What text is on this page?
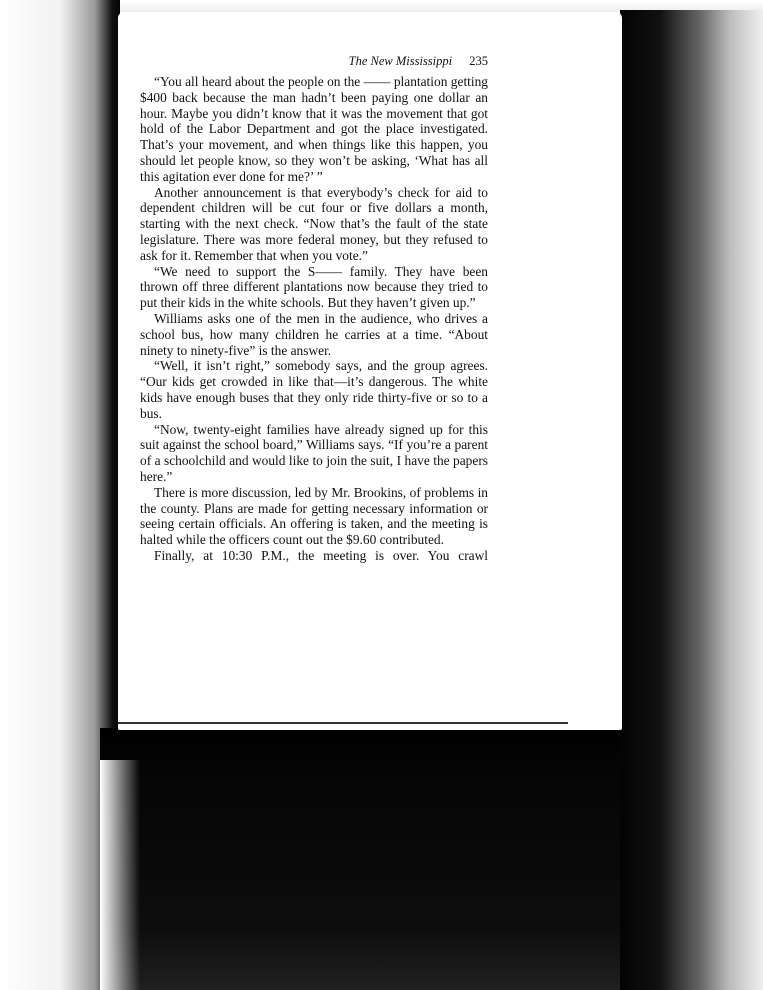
The New Mississippi 235

“You all heard about the people on the —— plantation getting $400 back because the man hadn’t been paying one dollar an hour. Maybe you didn’t know that it was the movement that got hold of the Labor Department and got the place investigated. That’s your movement, and when things like this happen, you should let people know, so they won’t be asking, ‘What has all this agitation ever done for me?’ ”

Another announcement is that everybody’s check for aid to dependent children will be cut four or five dollars a month, starting with the next check. “Now that’s the fault of the state legislature. There was more federal money, but they refused to ask for it. Remember that when you vote.”

“We need to support the S—— family. They have been thrown off three different plantations now because they tried to put their kids in the white schools. But they haven’t given up.”

Williams asks one of the men in the audience, who drives a school bus, how many children he carries at a time. “About ninety to ninety-five” is the answer.

“Well, it isn’t right,” somebody says, and the group agrees. “Our kids get crowded in like that—it’s dangerous. The white kids have enough buses that they only ride thirty-five or so to a bus.

“Now, twenty-eight families have already signed up for this suit against the school board,” Williams says. “If you’re a parent of a schoolchild and would like to join the suit, I have the papers here.”

There is more discussion, led by Mr. Brookins, of problems in the county. Plans are made for getting necessary information or seeing certain officials. An offering is taken, and the meeting is halted while the officers count out the $9.60 contributed.

Finally, at 10:30 P.M., the meeting is over. You crawl
